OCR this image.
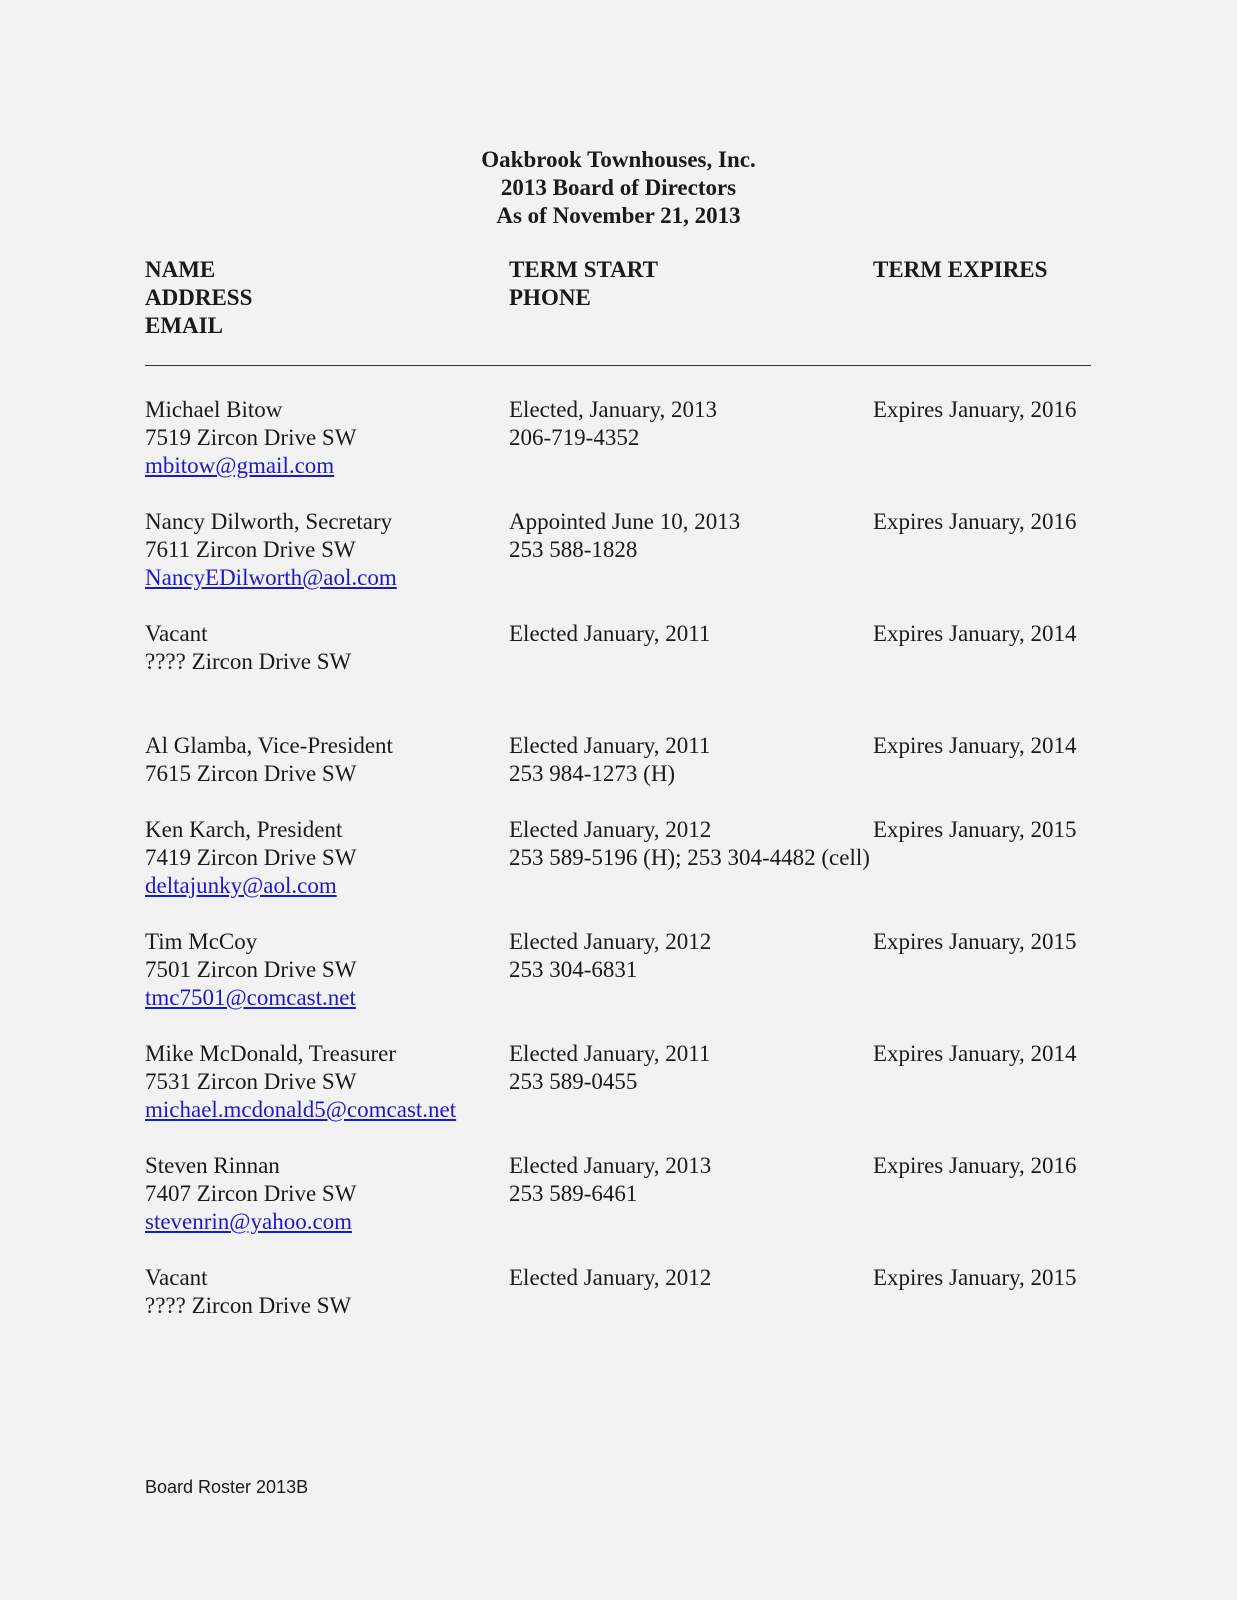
Oakbrook Townhouses, Inc.
2013 Board of Directors
As of November 21, 2013
NAME
ADDRESS
EMAIL
TERM START
PHONE
TERM EXPIRES
Michael Bitow
7519 Zircon Drive SW
mbitow@gmail.com
Elected, January, 2013
206-719-4352
Expires January, 2016
Nancy Dilworth, Secretary
7611 Zircon Drive SW
NancyEDilworth@aol.com
Appointed June 10, 2013
253 588-1828
Expires January, 2016
Vacant
???? Zircon Drive SW
Elected January, 2011	Expires January, 2014
Al Glamba, Vice-President
7615 Zircon Drive SW
Elected January, 2011
253 984-1273 (H)
Expires January, 2014
Ken Karch, President
7419 Zircon Drive SW
deltajunky@aol.com
Elected January, 2012
253 589-5196 (H); 253 304-4482 (cell)
Expires January, 2015
Tim McCoy
7501 Zircon Drive SW
tmc7501@comcast.net
Elected January, 2012
253 304-6831
Expires January, 2015
Mike McDonald, Treasurer
7531 Zircon Drive SW
michael.mcdonald5@comcast.net
Elected January, 2011
253 589-0455
Expires January, 2014
Steven Rinnan
7407 Zircon Drive SW
stevenrin@yahoo.com
Elected January, 2013
253 589-6461
Expires January, 2016
Vacant
???? Zircon Drive SW
Elected January, 2012	Expires January, 2015
Board Roster 2013B
